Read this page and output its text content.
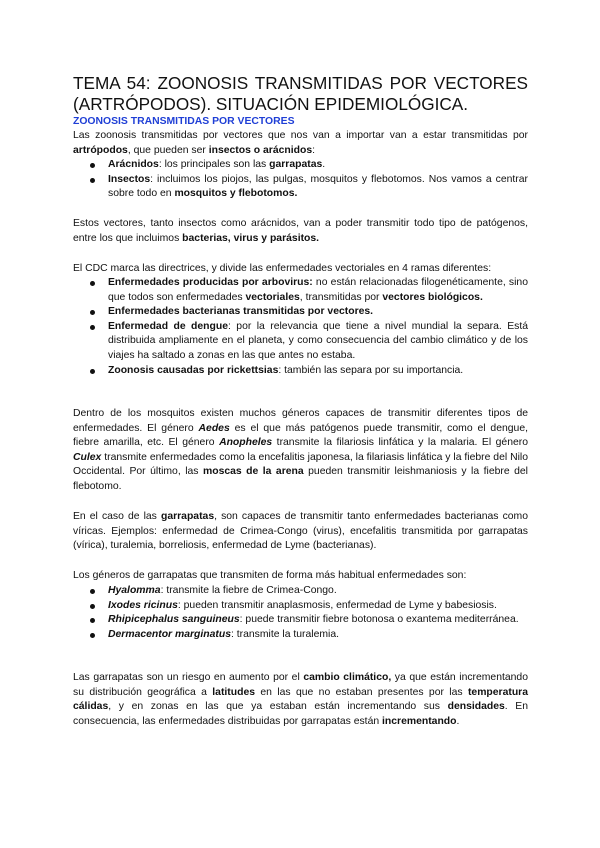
TEMA 54: ZOONOSIS TRANSMITIDAS POR VECTORES (ARTRÓPODOS). SITUACIÓN EPIDEMIOLÓGICA.
ZOONOSIS TRANSMITIDAS POR VECTORES

Las zoonosis transmitidas por vectores que nos van a importar van a estar transmitidas por artrópodos, que pueden ser insectos o arácnidos:

Arácnidos: los principales son las garrapatas.
Insectos: incluimos los piojos, las pulgas, mosquitos y flebotomos. Nos vamos a centrar sobre todo en mosquitos y flebotomos.

Estos vectores, tanto insectos como arácnidos, van a poder transmitir todo tipo de patógenos, entre los que incluimos bacterias, virus y parásitos.

El CDC marca las directrices, y divide las enfermedades vectoriales en 4 ramas diferentes:

Enfermedades producidas por arbovirus: no están relacionadas filogenéticamente, sino que todos son enfermedades vectoriales, transmitidas por vectores biológicos.
Enfermedades bacterianas transmitidas por vectores.
Enfermedad de dengue: por la relevancia que tiene a nivel mundial la separa. Está distribuida ampliamente en el planeta, y como consecuencia del cambio climático y de los viajes ha saltado a zonas en las que antes no estaba.
Zoonosis causadas por rickettsias: también las separa por su importancia.

Dentro de los mosquitos existen muchos géneros capaces de transmitir diferentes tipos de enfermedades. El género Aedes es el que más patógenos puede transmitir, como el dengue, fiebre amarilla, etc. El género Anopheles transmite la filariosis linfática y la malaria. El género Culex transmite enfermedades como la encefalitis japonesa, la filariasis linfática y la fiebre del Nilo Occidental. Por último, las moscas de la arena pueden transmitir leishmaniosis y la fiebre del flebotomo.

En el caso de las garrapatas, son capaces de transmitir tanto enfermedades bacterianas como víricas. Ejemplos: enfermedad de Crimea-Congo (virus), encefalitis transmitida por garrapatas (vírica), turalemia, borreliosis, enfermedad de Lyme (bacterianas).

Los géneros de garrapatas que transmiten de forma más habitual enfermedades son:

Hyalomma: transmite la fiebre de Crimea-Congo.
Ixodes ricinus: pueden transmitir anaplasmosis, enfermedad de Lyme y babesiosis.
Rhipicephalus sanguineus: puede transmitir fiebre botonosa o exantema mediterránea.
Dermacentor marginatus: transmite la turalemia.

Las garrapatas son un riesgo en aumento por el cambio climático, ya que están incrementando su distribución geográfica a latitudes en las que no estaban presentes por las temperatura cálidas, y en zonas en las que ya estaban están incrementando sus densidades. En consecuencia, las enfermedades distribuidas por garrapatas están incrementando.
